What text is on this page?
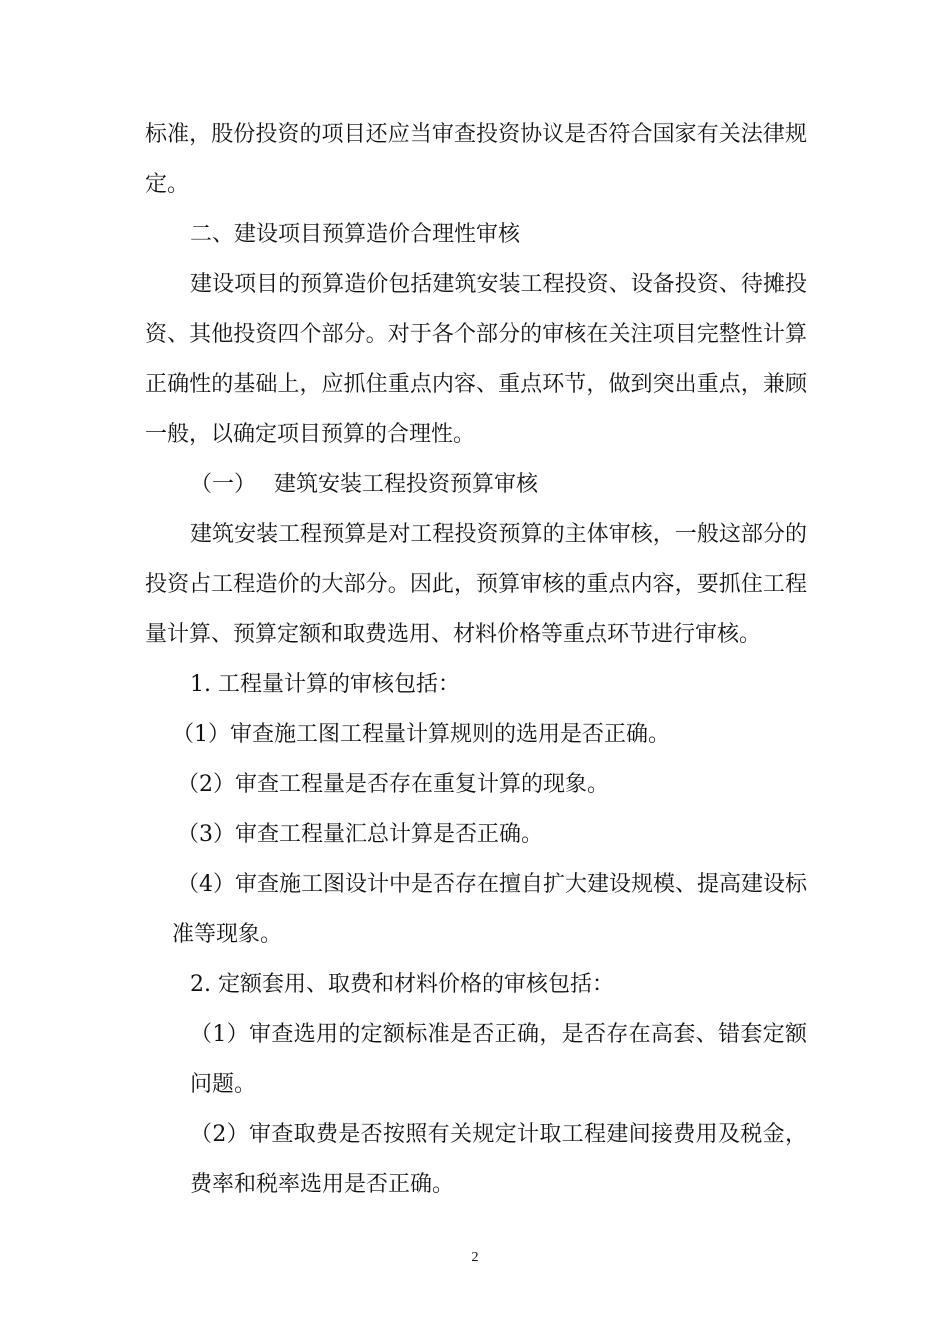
标准，股份投资的项目还应当审查投资协议是否符合国家有关法律规
定。
二、建设项目预算造价合理性审核
建设项目的预算造价包括建筑安装工程投资、设备投资、待摊投
资、其他投资四个部分。对于各个部分的审核在关注项目完整性计算
正确性的基础上，应抓住重点内容、重点环节，做到突出重点，兼顾
一般，以确定项目预算的合理性。
（一）　 建筑安装工程投资预算审核
建筑安装工程预算是对工程投资预算的主体审核，一般这部分的
投资占工程造价的大部分。因此，预算审核的重点内容，要抓住工程
量计算、预算定额和取费选用、材料价格等重点环节进行审核。
1. 工程量计算的审核包括：
（1）审查施工图工程量计算规则的选用是否正确。
（2）审查工程量是否存在重复计算的现象。
（3）审查工程量汇总计算是否正确。
（4）审查施工图设计中是否存在擅自扩大建设规模、提高建设标
准等现象。
2. 定额套用、取费和材料价格的审核包括：
（1）审查选用的定额标准是否正确，是否存在高套、错套定额
问题。
（2）审查取费是否按照有关规定计取工程建间接费用及税金，
费率和税率选用是否正确。
2
